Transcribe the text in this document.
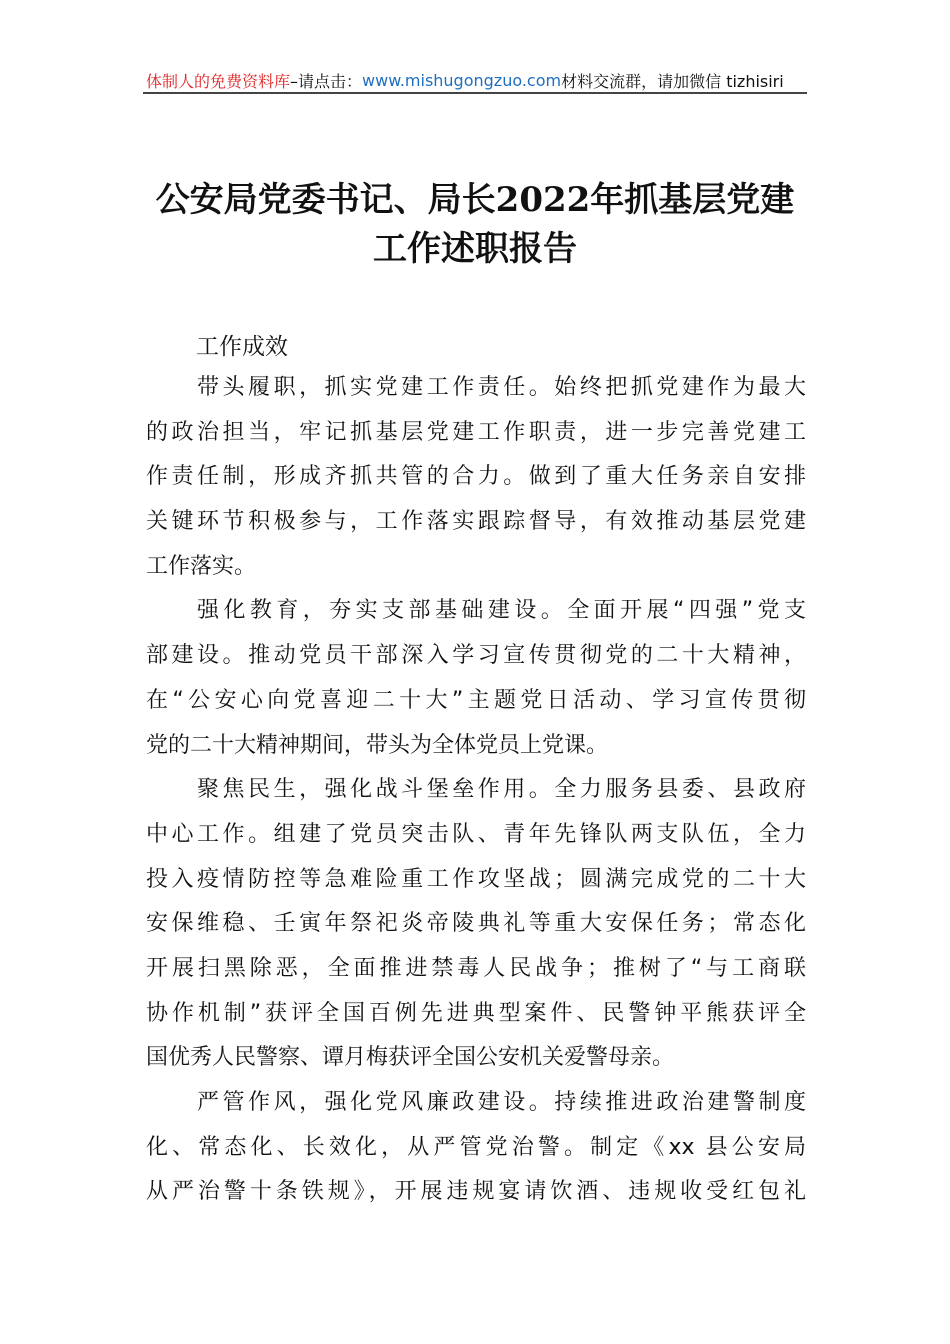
体制人的免费资料库 –请点击： www.mishugongzuo.com 材料交流群，请加微信 tizhisiri
公安局党委书记、局长2022年抓基层党建
工作述职报告
工作成效
带头履职，抓实党建工作责任。始终把抓党建作为最大
的政治担当，牢记抓基层党建工作职责，进一步完善党建工
作责任制，形成齐抓共管的合力。做到了重大任务亲自安排
关键环节积极参与，工作落实跟踪督导，有效推动基层党建
工作落实。
强化教育，夯实支部基础建设。全面开展“四强”党支
部建设。推动党员干部深入学习宣传贯彻党的二十大精神，
在“公安心向党喜迎二十大”主题党日活动、学习宣传贯彻
党的二十大精神期间，带头为全体党员上党课。
聚焦民生，强化战斗堡垒作用。全力服务县委、县政府
中心工作。组建了党员突击队、青年先锋队两支队伍，全力
投入疫情防控等急难险重工作攻坚战；圆满完成党的二十大
安保维稳、壬寅年祭祀炎帝陵典礼等重大安保任务；常态化
开展扫黑除恶，全面推进禁毒人民战争；推树了“与工商联
协作机制”获评全国百例先进典型案件、民警钟平熊获评全
国优秀人民警察、谭月梅获评全国公安机关爱警母亲。
严管作风，强化党风廉政建设。持续推进政治建警制度
化、常态化、长效化，从严管党治警。制定《xx 县公安局
从严治警十条铁规》，开展违规宴请饮酒、违规收受红包礼
